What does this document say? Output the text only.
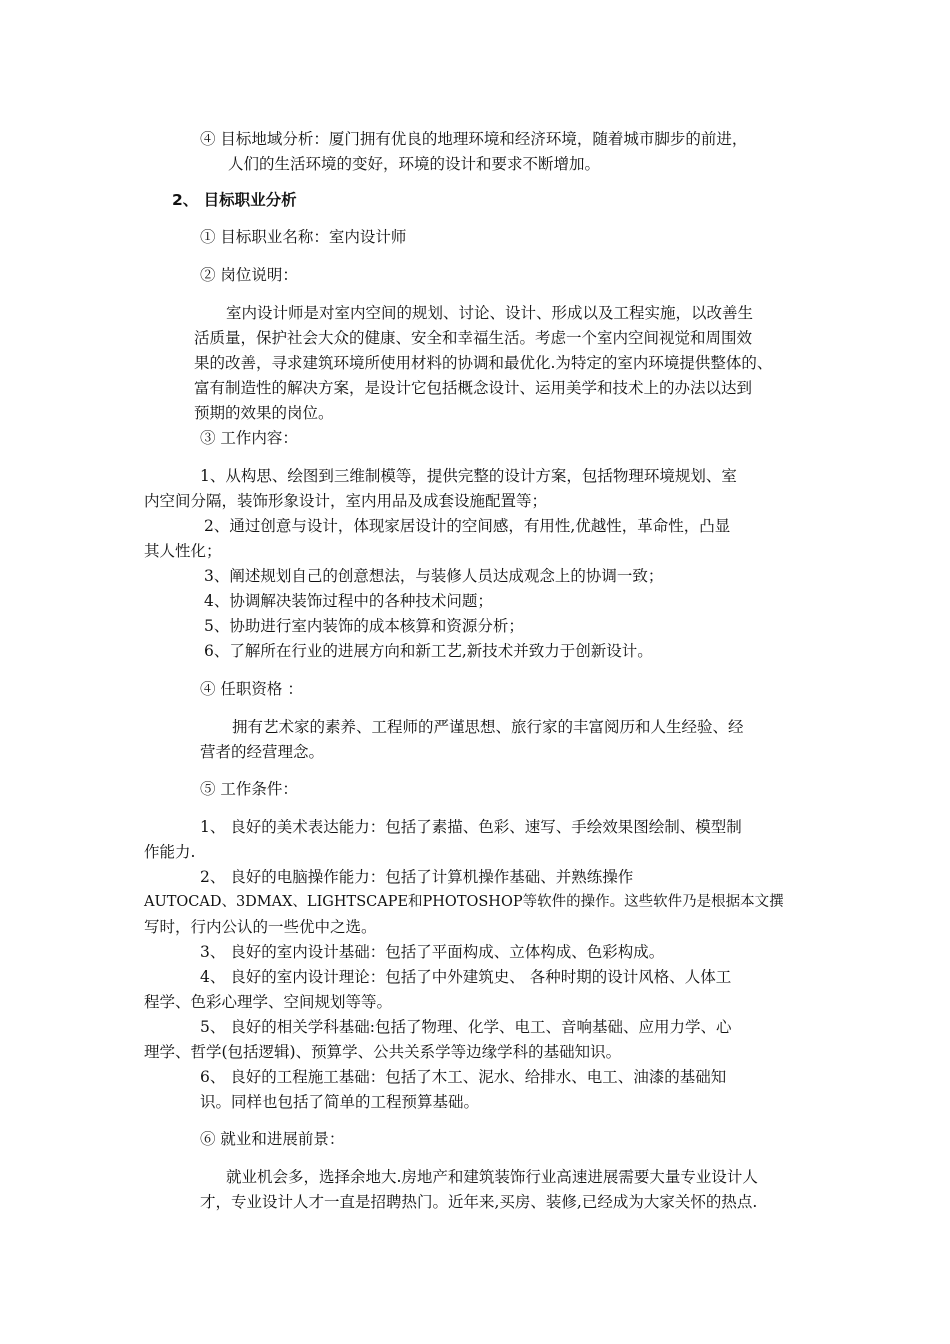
④ 目标地域分析：厦门拥有优良的地理环境和经济环境，随着城市脚步的前进，
人们的生活环境的变好，环境的设计和要求不断增加。
2、 目标职业分析
① 目标职业名称：室内设计师
② 岗位说明：
室内设计师是对室内空间的规划、讨论、设计、形成以及工程实施，以改善生
活质量，保护社会大众的健康、安全和幸福生活。考虑一个室内空间视觉和周围效
果的改善，寻求建筑环境所使用材料的协调和最优化.为特定的室内环境提供整体的、
富有制造性的解决方案，是设计它包括概念设计、运用美学和技术上的办法以达到
预期的效果的岗位。
③ 工作内容：
1、从构思、绘图到三维制模等，提供完整的设计方案，包括物理环境规划、室
内空间分隔，装饰形象设计，室内用品及成套设施配置等；
2、通过创意与设计，体现家居设计的空间感，有用性,优越性，革命性，凸显
其人性化；
3、阐述规划自己的创意想法，与装修人员达成观念上的协调一致；
4、协调解决装饰过程中的各种技术问题；
5、协助进行室内装饰的成本核算和资源分析；
6、了解所在行业的进展方向和新工艺,新技术并致力于创新设计。
④ 任职资格 ：
拥有艺术家的素养、工程师的严谨思想、旅行家的丰富阅历和人生经验、经
营者的经营理念。
⑤ 工作条件：
1、 良好的美术表达能力：包括了素描、色彩、速写、手绘效果图绘制、模型制
作能力.
2、 良好的电脑操作能力：包括了计算机操作基础、并熟练操作
AUTOCAD、3DMAX、LIGHTSCAPE和PHOTOSHOP等软件的操作。这些软件乃是根据本文撰
写时，行内公认的一些优中之选。
3、 良好的室内设计基础：包括了平面构成、立体构成、色彩构成。
4、 良好的室内设计理论：包括了中外建筑史、 各种时期的设计风格、人体工
程学、色彩心理学、空间规划等等。
5、 良好的相关学科基础:包括了物理、化学、电工、音响基础、应用力学、心
理学、哲学(包括逻辑)、预算学、公共关系学等边缘学科的基础知识。
6、 良好的工程施工基础：包括了木工、泥水、给排水、电工、油漆的基础知
识。同样也包括了简单的工程预算基础。
⑥ 就业和进展前景：
就业机会多，选择余地大.房地产和建筑装饰行业高速进展需要大量专业设计人
才，专业设计人才一直是招聘热门。近年来,买房、装修,已经成为大家关怀的热点.
